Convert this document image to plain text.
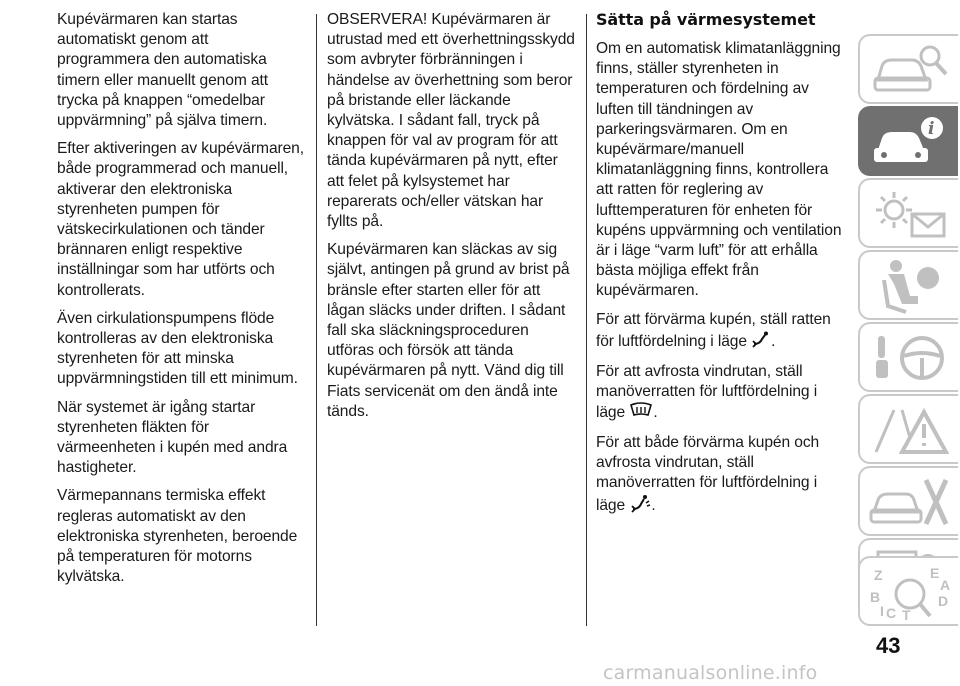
Kupévärmaren kan startas automatiskt genom att programmera den automatiska timern eller manuellt genom att trycka på knappen “omedelbar uppvärmning” på själva timern.

Efter aktiveringen av kupévärmaren, både programmerad och manuell, aktiverar den elektroniska styrenheten pumpen för vätskecirkulationen och tänder brännaren enligt respektive inställningar som har utförts och kontrollerats.

Även cirkulationspumpens flöde kontrolleras av den elektroniska styrenheten för att minska uppvärmningstiden till ett minimum.

När systemet är igång startar styrenheten fläkten för värmeenheten i kupén med andra hastigheter.

Värmepannans termiska effekt regleras automatiskt av den elektroniska styrenheten, beroende på temperaturen för motorns kylvätska.

OBSERVERA! Kupévärmaren är utrustad med ett överhettningsskydd som avbryter förbränningen i händelse av överhettning som beror på bristande eller läckande kylvätska. I sådant fall, tryck på knappen för val av program för att tända kupévärmaren på nytt, efter att felet på kylsystemet har reparerats och/eller vätskan har fyllts på.

Kupévärmaren kan släckas av sig självt, antingen på grund av brist på bränsle efter starten eller för att lågan släcks under driften. I sådant fall ska släckningsproceduren utföras och försök att tända kupévärmaren på nytt. Vänd dig till Fiats servicenät om den ändå inte tänds.

Sätta på värmesystemet

Om en automatisk klimatanläggning finns, ställer styrenheten in temperaturen och fördelning av luften till tändningen av parkeringsvärmaren. Om en kupévärmare/manuell klimatanläggning finns, kontrollera att ratten för reglering av lufttemperaturen för enheten för kupéns uppvärmning och ventilation är i läge “varm luft” för att erhålla bästa möjliga effekt från kupévärmaren.

För att förvärma kupén, ställ ratten för luftfördelning i läge .

För att avfrosta vindrutan, ställ manöverratten för luftfördelning i läge .

För att både förvärma kupén och avfrosta vindrutan, ställ manöverratten för luftfördelning i läge .

i
Z	E
B
C T
D
I
A
43
carmanualsonline.info
